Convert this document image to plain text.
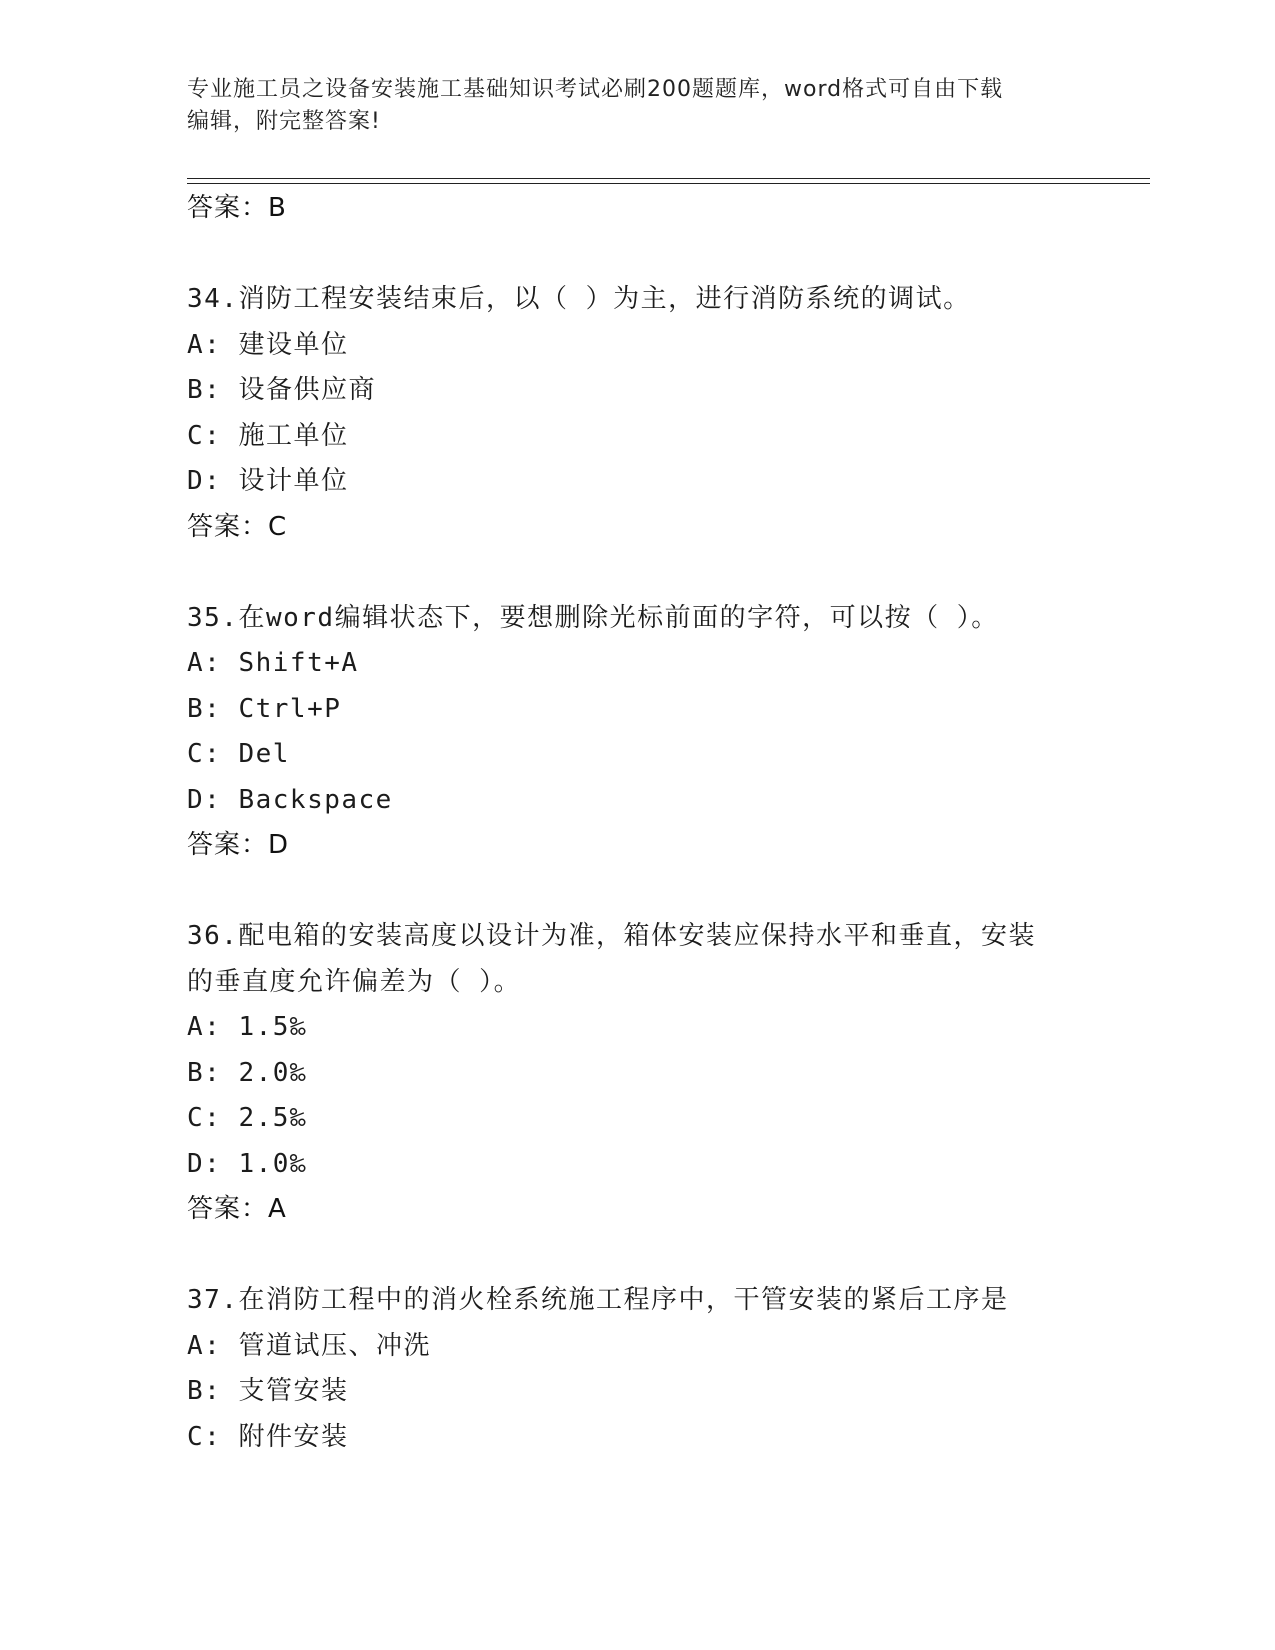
专业施工员之设备安装施工基础知识考试必刷200题题库，word格式可自由下载
编辑，附完整答案!
答案：B
34.消防工程安装结束后，以（ ）为主，进行消防系统的调试。
A: 建设单位
B: 设备供应商
C: 施工单位
D: 设计单位
答案：C
35.在word编辑状态下，要想删除光标前面的字符，可以按（ ）。
A: Shift+A
B: Ctrl+P
C: Del
D: Backspace
答案：D
36.配电箱的安装高度以设计为准，箱体安装应保持水平和垂直，安装
的垂直度允许偏差为（ ）。
A: 1.5‰
B: 2.0‰
C: 2.5‰
D: 1.0‰
答案：A
37.在消防工程中的消火栓系统施工程序中，干管安装的紧后工序是
A: 管道试压、冲洗
B: 支管安装
C: 附件安装
